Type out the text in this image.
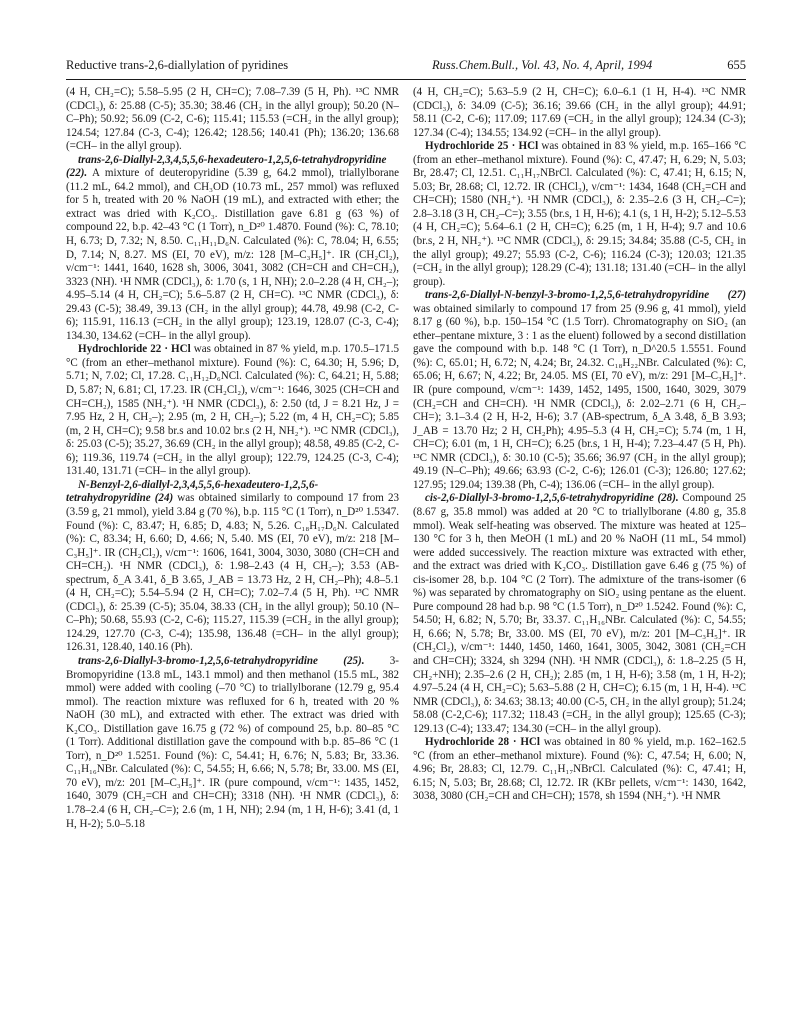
Reductive trans-2,6-diallylation of pyridines	Russ.Chem.Bull., Vol. 43, No. 4, April, 1994	655

(4 H, CH₂=C); 5.58–5.95 (2 H, CH=C); 7.08–7.39 (5 H, Ph). ¹³C NMR (CDCl₃), δ: 25.88 (C-5); 35.30; 38.46 (CH₂ in the allyl group); 50.20 (N–C–Ph); 50.92; 56.09 (C-2, C-6); 115.41; 115.53 (=CH₂ in the allyl group); 124.54; 127.84 (C-3, C-4); 126.42; 128.56; 140.41 (Ph); 136.20; 136.68 (=CH– in the allyl group).

trans-2,6-Diallyl-2,3,4,5,5,6-hexadeutero-1,2,5,6-tetrahydropyridine (22). A mixture of deuteropyridine (5.39 g, 64.2 mmol), triallylborane (11.2 mL, 64.2 mmol), and CH₃OD (10.73 mL, 257 mmol) was refluxed for 5 h, treated with 20 % NaOH (19 mL), and extracted with ether; the extract was dried with K₂CO₃. Distillation gave 6.81 g (63 %) of compound 22, b.p. 42–43 °C (1 Torr), n_D²⁰ 1.4870. Found (%): C, 78.10; H, 6.73; D, 7.32; N, 8.50. C₁₁H₁₁D₆N. Calculated (%): C, 78.04; H, 6.55; D, 7.14; N, 8.27. MS (EI, 70 eV), m/z: 128 [M–C₃H₅]⁺. IR (CH₂Cl₂), ν/cm⁻¹: 1441, 1640, 1628 sh, 3006, 3041, 3082 (CH=CH and CH=CH₂), 3323 (NH). ¹H NMR (CDCl₃), δ: 1.70 (s, 1 H, NH); 2.0–2.28 (4 H, CH₂–); 4.95–5.14 (4 H, CH₂=C); 5.6–5.87 (2 H, CH=C). ¹³C NMR (CDCl₃), δ: 29.43 (C-5); 38.49, 39.13 (CH₂ in the allyl group); 44.78, 49.98 (C-2, C-6); 115.91, 116.13 (=CH₂ in the allyl group); 123.19, 128.07 (C-3, C-4); 134.30, 134.62 (=CH– in the allyl group).

Hydrochloride 22 · HCl was obtained in 87 % yield, m.p. 170.5–171.5 °C (from an ether–methanol mixture). Found (%): C, 64.30; H, 5.96; D, 5.71; N, 7.02; Cl, 17.28. C₁₁H₁₂D₆NCl. Calculated (%): C, 64.21; H, 5.88; D, 5.87; N, 6.81; Cl, 17.23. IR (CH₂Cl₂), ν/cm⁻¹: 1646, 3025 (CH=CH and CH=CH₂), 1585 (NH₂⁺). ¹H NMR (CDCl₃), δ: 2.50 (td, J = 8.21 Hz, J = 7.95 Hz, 2 H, CH₂–); 2.95 (m, 2 H, CH₂–); 5.22 (m, 4 H, CH₂=C); 5.85 (m, 2 H, CH=C); 9.58 br.s and 10.02 br.s (2 H, NH₂⁺). ¹³C NMR (CDCl₃), δ: 25.03 (C-5); 35.27, 36.69 (CH₂ in the allyl group); 48.58, 49.85 (C-2, C-6); 119.36, 119.74 (=CH₂ in the allyl group); 122.79, 124.25 (C-3, C-4); 131.40, 131.71 (=CH– in the allyl group).

N-Benzyl-2,6-diallyl-2,3,4,5,5,6-hexadeutero-1,2,5,6-tetrahydropyridine (24) was obtained similarly to compound 17 from 23 (3.59 g, 21 mmol), yield 3.84 g (70 %), b.p. 115 °C (1 Torr), n_D²⁰ 1.5347. Found (%): C, 83.47; H, 6.85; D, 4.83; N, 5.26. C₁₈H₁₇D₆N. Calculated (%): C, 83.34; H, 6.60; D, 4.66; N, 5.40. MS (EI, 70 eV), m/z: 218 [M–C₃H₅]⁺. IR (CH₂Cl₂), ν/cm⁻¹: 1606, 1641, 3004, 3030, 3080 (CH=CH and CH=CH₂). ¹H NMR (CDCl₃), δ: 1.98–2.43 (4 H, CH₂–); 3.53 (AB-spectrum, δ_A 3.41, δ_B 3.65, J_AB = 13.73 Hz, 2 H, CH₂–Ph); 4.8–5.1 (4 H, CH₂=C); 5.54–5.94 (2 H, CH=C); 7.02–7.4 (5 H, Ph). ¹³C NMR (CDCl₃), δ: 25.39 (C-5); 35.04, 38.33 (CH₂ in the allyl group); 50.10 (N–C–Ph); 50.68, 55.93 (C-2, C-6); 115.27, 115.39 (=CH₂ in the allyl group); 124.29, 127.70 (C-3, C-4); 135.98, 136.48 (=CH– in the allyl group); 126.31, 128.40, 140.16 (Ph).

trans-2,6-Diallyl-3-bromo-1,2,5,6-tetrahydropyridine (25). 3-Bromopyridine (13.8 mL, 143.1 mmol) and then methanol (15.5 mL, 382 mmol) were added with cooling (–70 °C) to triallylborane (12.79 g, 95.4 mmol). The reaction mixture was refluxed for 6 h, treated with 20 % NaOH (30 mL), and extracted with ether. The extract was dried with K₂CO₃. Distillation gave 16.75 g (72 %) of compound 25, b.p. 80–85 °C (1 Torr). Additional distillation gave the compound with b.p. 85–86 °C (1 Torr), n_D²⁰ 1.5251. Found (%): C, 54.41; H, 6.76; N, 5.83; Br, 33.36. C₁₁H₁₆NBr. Calculated (%): C, 54.55; H, 6.66; N, 5.78; Br, 33.00. MS (EI, 70 eV), m/z: 201 [M–C₃H₅]⁺. IR (pure compound, ν/cm⁻¹: 1435, 1452, 1640, 3079 (CH₂=CH and CH=CH); 3318 (NH). ¹H NMR (CDCl₃), δ: 1.78–2.4 (6 H, CH₂–C=); 2.6 (m, 1 H, NH); 2.94 (m, 1 H, H-6); 3.41 (d, 1 H, H-2); 5.0–5.18

(4 H, CH₂=C); 5.63–5.9 (2 H, CH=C); 6.0–6.1 (1 H, H-4). ¹³C NMR (CDCl₃), δ: 34.09 (C-5); 36.16; 39.66 (CH₂ in the allyl group); 44.91; 58.11 (C-2, C-6); 117.09; 117.69 (=CH₂ in the allyl group); 124.34 (C-3); 127.34 (C-4); 134.55; 134.92 (=CH– in the allyl group).

Hydrochloride 25 · HCl was obtained in 83 % yield, m.p. 165–166 °C (from an ether–methanol mixture). Found (%): C, 47.47; H, 6.29; N, 5.03; Br, 28.47; Cl, 12.51. C₁₁H₁₇NBrCl. Calculated (%): C, 47.41; H, 6.15; N, 5.03; Br, 28.68; Cl, 12.72. IR (CHCl₃), ν/cm⁻¹: 1434, 1648 (CH₂=CH and CH=CH); 1580 (NH₂⁺). ¹H NMR (CDCl₃), δ: 2.35–2.6 (3 H, CH₂–C=); 2.8–3.18 (3 H, CH₂–C=); 3.55 (br.s, 1 H, H-6); 4.1 (s, 1 H, H-2); 5.12–5.53 (4 H, CH₂=C); 5.64–6.1 (2 H, CH=C); 6.25 (m, 1 H, H-4); 9.7 and 10.6 (br.s, 2 H, NH₂⁺). ¹³C NMR (CDCl₃), δ: 29.15; 34.84; 35.88 (C-5, CH₂ in the allyl group); 49.27; 55.93 (C-2, C-6); 116.24 (C-3); 120.03; 121.35 (=CH₂ in the allyl group); 128.29 (C-4); 131.18; 131.40 (=CH– in the allyl group).

trans-2,6-Diallyl-N-benzyl-3-bromo-1,2,5,6-tetrahydropyridine (27) was obtained similarly to compound 17 from 25 (9.96 g, 41 mmol), yield 8.17 g (60 %), b.p. 150–154 °C (1.5 Torr). Chromatography on SiO₂ (an ether–pentane mixture, 3 : 1 as the eluent) followed by a second distillation gave the compound with b.p. 148 °C (1 Torr), n_D^20.5 1.5551. Found (%): C, 65.01; H, 6.72; N, 4.24; Br, 24.32. C₁₈H₂₂NBr. Calculated (%): C, 65.06; H, 6.67; N, 4.22; Br, 24.05. MS (EI, 70 eV), m/z: 291 [M–C₃H₅]⁺. IR (pure compound, ν/cm⁻¹: 1439, 1452, 1495, 1500, 1640, 3029, 3079 (CH₂=CH and CH=CH). ¹H NMR (CDCl₃), δ: 2.02–2.71 (6 H, CH₂–CH=); 3.1–3.4 (2 H, H-2, H-6); 3.7 (AB-spectrum, δ_A 3.48, δ_B 3.93; J_AB = 13.70 Hz; 2 H, CH₂Ph); 4.95–5.3 (4 H, CH₂=C); 5.74 (m, 1 H, CH=C); 6.01 (m, 1 H, CH=C); 6.25 (br.s, 1 H, H-4); 7.23–4.47 (5 H, Ph). ¹³C NMR (CDCl₃), δ: 30.10 (C-5); 35.66; 36.97 (CH₂ in the allyl group); 49.19 (N–C–Ph); 49.66; 63.93 (C-2, C-6); 126.01 (C-3); 126.80; 127.62; 127.95; 129.04; 139.38 (Ph, C-4); 136.06 (=CH– in the allyl group).

cis-2,6-Diallyl-3-bromo-1,2,5,6-tetrahydropyridine (28). Compound 25 (8.67 g, 35.8 mmol) was added at 20 °C to triallylborane (4.80 g, 35.8 mmol). Weak self-heating was observed. The mixture was heated at 125–130 °C for 3 h, then MeOH (1 mL) and 20 % NaOH (11 mL, 54 mmol) were added successively. The reaction mixture was extracted with ether, and the extract was dried with K₂CO₃. Distillation gave 6.46 g (75 %) of cis-isomer 28, b.p. 104 °C (2 Torr). The admixture of the trans-isomer (6 %) was separated by chromatography on SiO₂ using pentane as the eluent. Pure compound 28 had b.p. 98 °C (1.5 Torr), n_D²⁰ 1.5242. Found (%): C, 54.50; H, 6.82; N, 5.70; Br, 33.37. C₁₁H₁₆NBr. Calculated (%): C, 54.55; H, 6.66; N, 5.78; Br, 33.00. MS (EI, 70 eV), m/z: 201 [M–C₃H₅]⁺. IR (CH₂Cl₂), ν/cm⁻¹: 1440, 1450, 1460, 1641, 3005, 3042, 3081 (CH₂=CH and CH=CH); 3324, sh 3294 (NH). ¹H NMR (CDCl₃), δ: 1.8–2.25 (5 H, CH₂+NH); 2.35–2.6 (2 H, CH₂); 2.85 (m, 1 H, H-6); 3.58 (m, 1 H, H-2); 4.97–5.24 (4 H, CH₂=C); 5.63–5.88 (2 H, CH=C); 6.15 (m, 1 H, H-4). ¹³C NMR (CDCl₃), δ: 34.63; 38.13; 40.00 (C-5, CH₂ in the allyl group); 51.24; 58.08 (C-2,C-6); 117.32; 118.43 (=CH₂ in the allyl group); 125.65 (C-3); 129.13 (C-4); 133.47; 134.30 (=CH– in the allyl group).

Hydrochloride 28 · HCl was obtained in 80 % yield, m.p. 162–162.5 °C (from an ether–methanol mixture). Found (%): C, 47.54; H, 6.00; N, 4.96; Br, 28.83; Cl, 12.79. C₁₁H₁₇NBrCl. Calculated (%): C, 47.41; H, 6.15; N, 5.03; Br, 28.68; Cl, 12.72. IR (KBr pellets, ν/cm⁻¹: 1430, 1642, 3038, 3080 (CH₂=CH and CH=CH); 1578, sh 1594 (NH₂⁺). ¹H NMR
